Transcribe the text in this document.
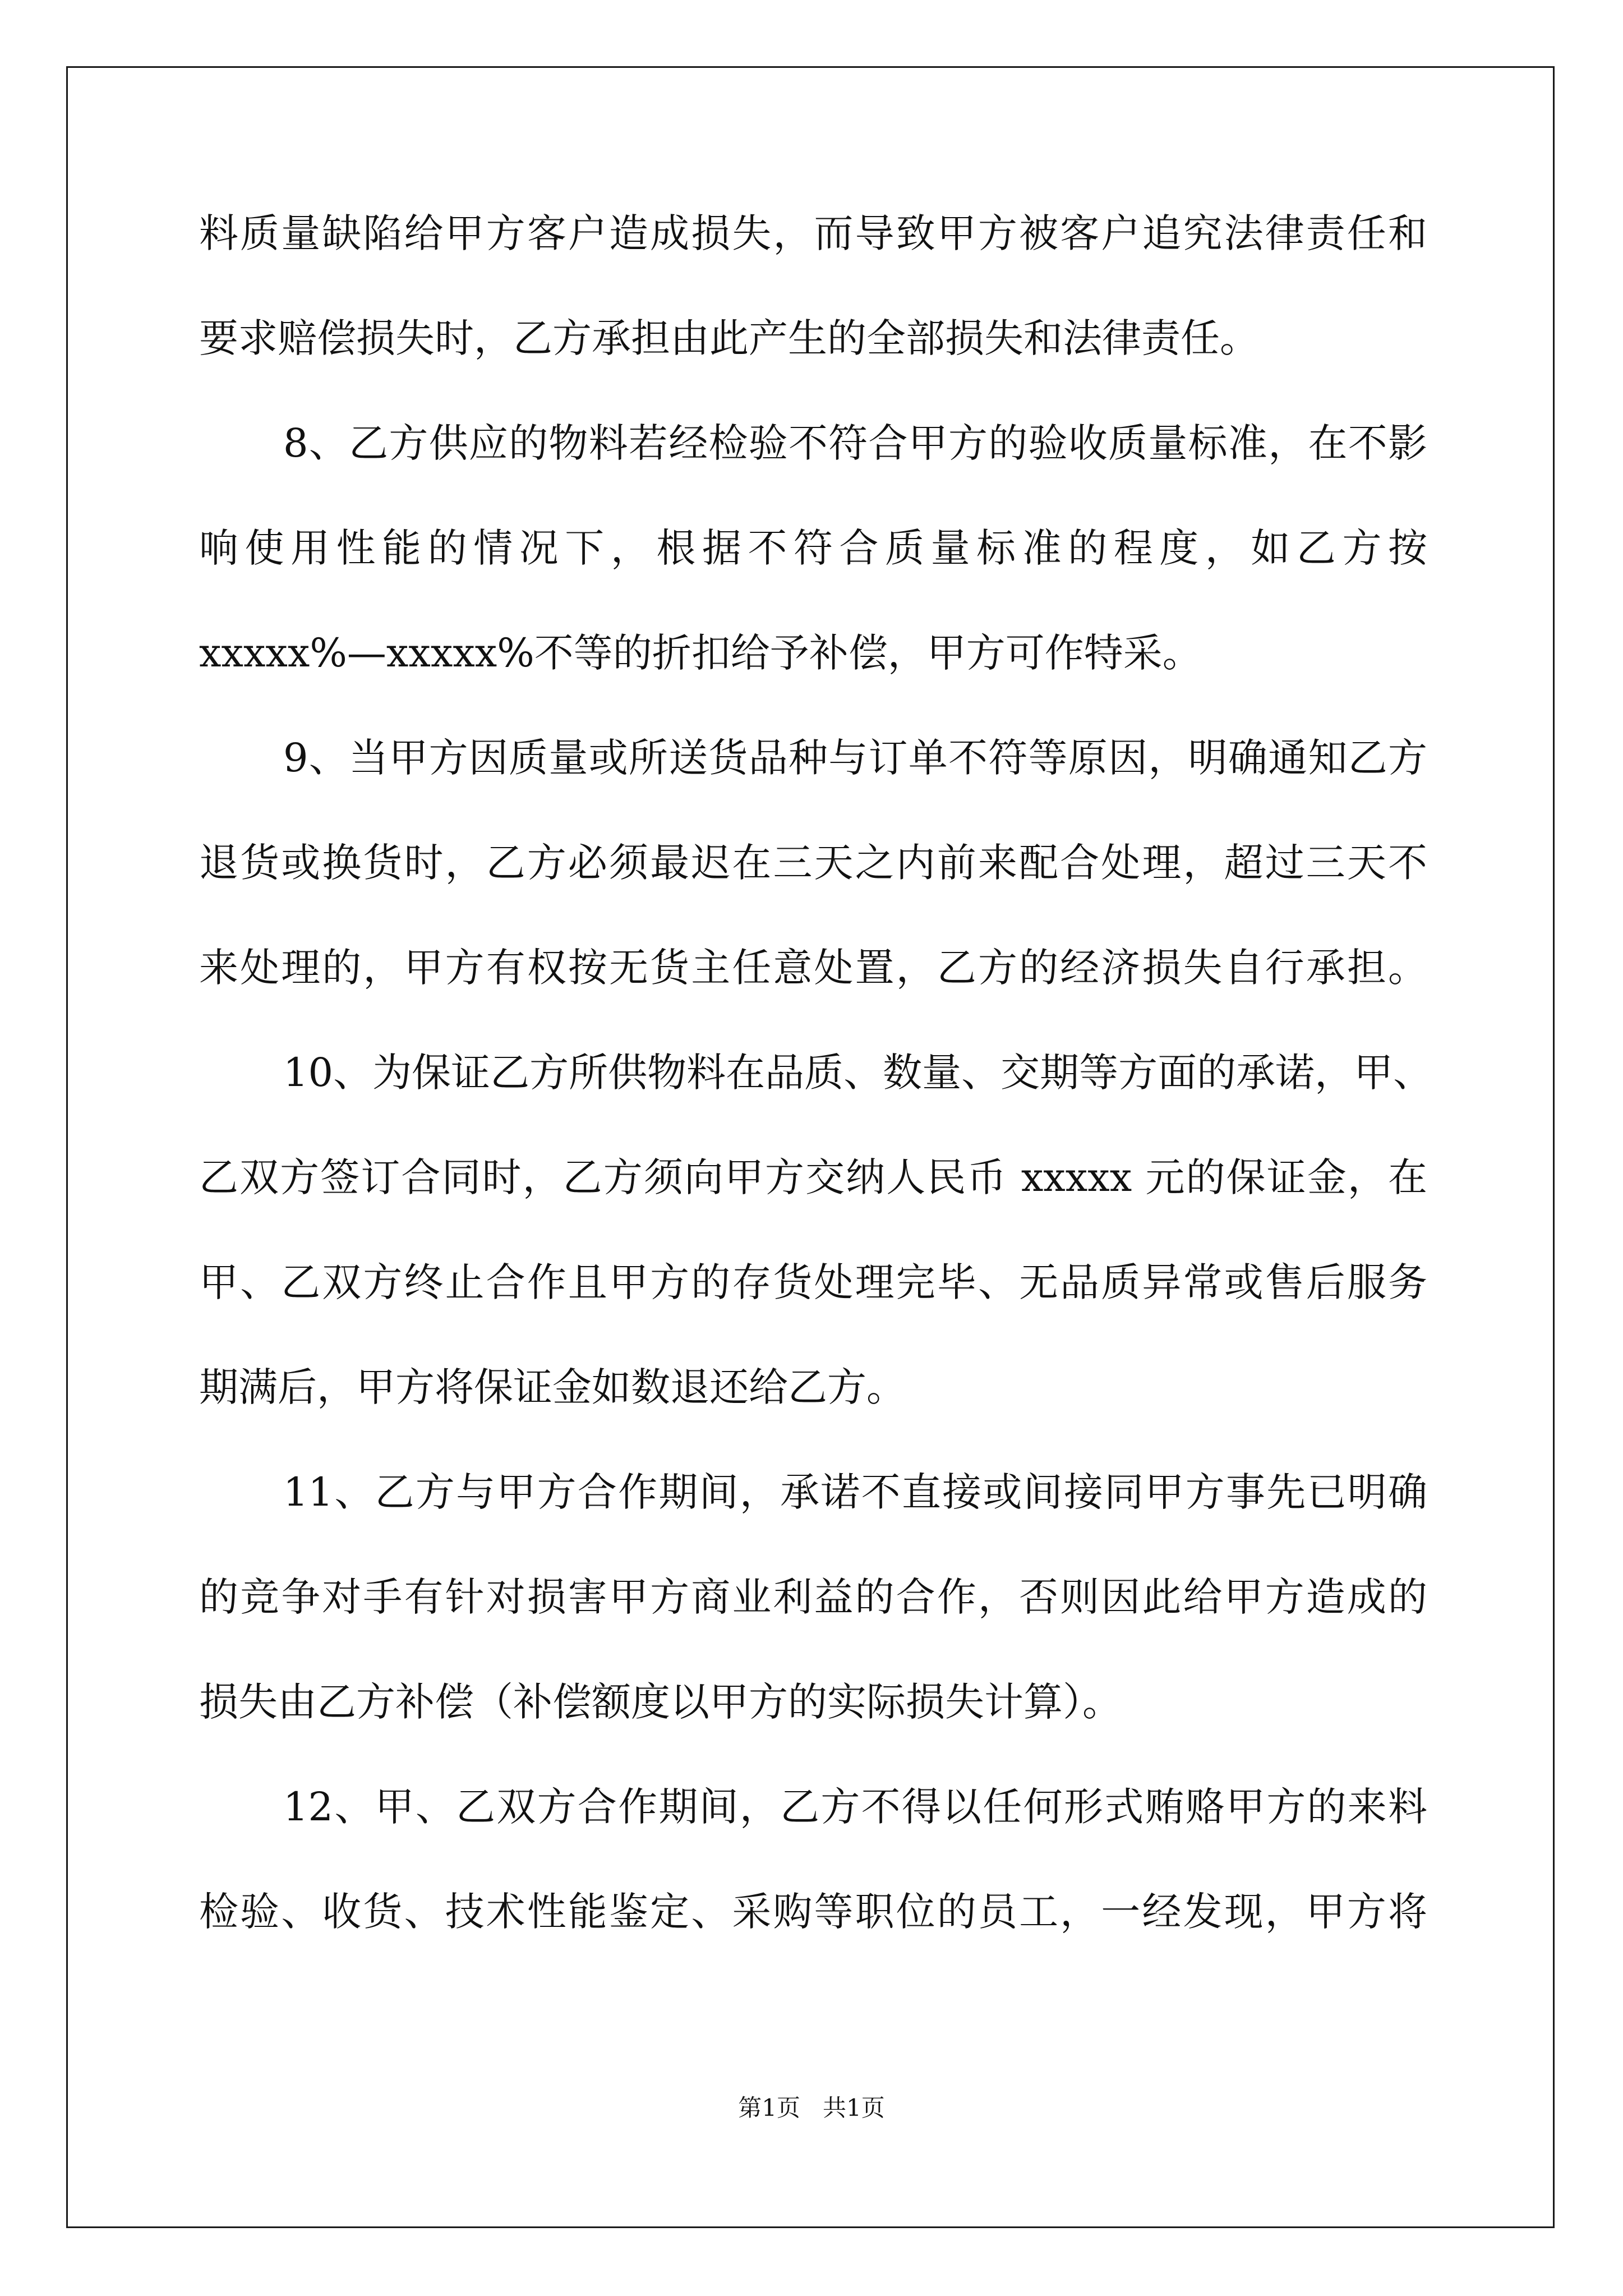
料质量缺陷给甲方客户造成损失，而导致甲方被客户追究法律责任和
要求赔偿损失时，乙方承担由此产生的全部损失和法律责任。
8、乙方供应的物料若经检验不符合甲方的验收质量标准，在不影
响使用性能的情况下，根据不符合质量标准的程度，如乙方按
xxxxx%—xxxxx%不等的折扣给予补偿，甲方可作特采。
9、当甲方因质量或所送货品种与订单不符等原因，明确通知乙方
退货或换货时，乙方必须最迟在三天之内前来配合处理，超过三天不
来处理的，甲方有权按无货主任意处置，乙方的经济损失自行承担。
10、为保证乙方所供物料在品质、数量、交期等方面的承诺，甲、
乙双方签订合同时，乙方须向甲方交纳人民币 xxxxx 元的保证金，在
甲、乙双方终止合作且甲方的存货处理完毕、无品质异常或售后服务
期满后，甲方将保证金如数退还给乙方。
11、乙方与甲方合作期间，承诺不直接或间接同甲方事先已明确
的竞争对手有针对损害甲方商业利益的合作，否则因此给甲方造成的
损失由乙方补偿（补偿额度以甲方的实际损失计算）。
12、甲、乙双方合作期间，乙方不得以任何形式贿赂甲方的来料
检验、收货、技术性能鉴定、采购等职位的员工，一经发现，甲方将
第1页   共1页
